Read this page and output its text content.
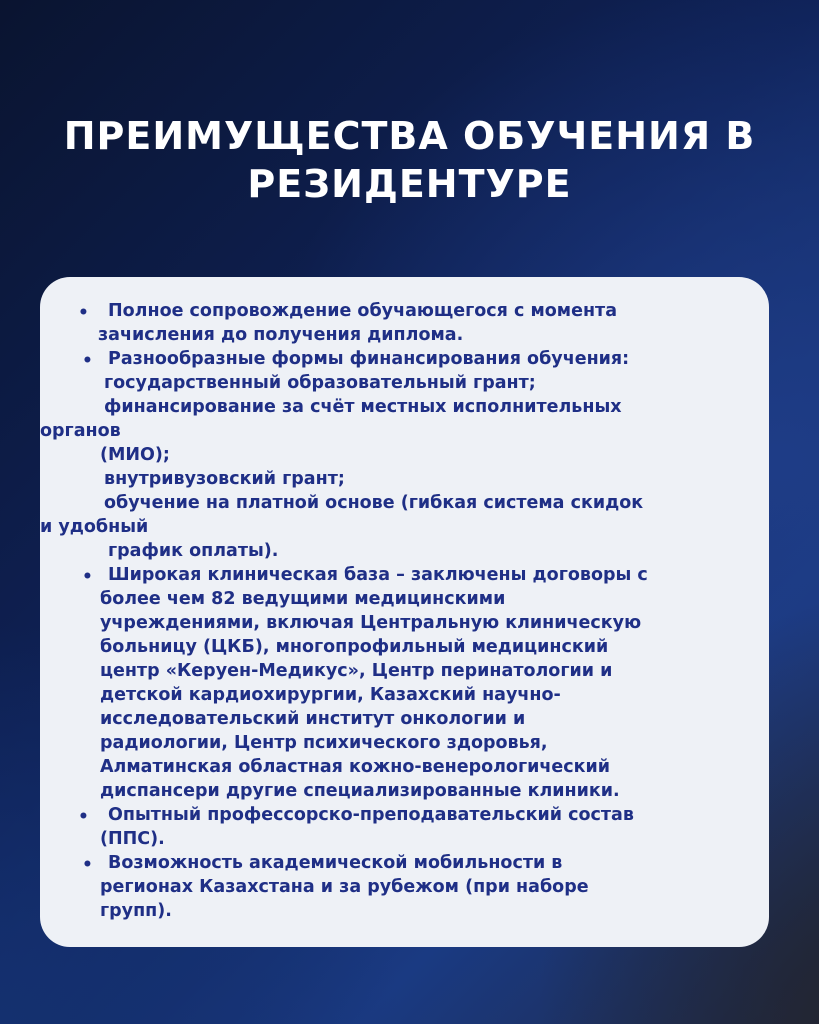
ПРЕИМУЩЕСТВА ОБУЧЕНИЯ В
РЕЗИДЕНТУРЕ
• Полное сопровождение обучающегося с момента
зачисления до получения диплома.
• Разнообразные формы финансирования обучения:
государственный образовательный грант;
финансирование за счёт местных исполнительных
органов
(МИО);
внутривузовский грант;
обучение на платной основе (гибкая система скидок
и удобный
график оплаты).
• Широкая клиническая база – заключены договоры с
более чем 82 ведущими медицинскими
учреждениями, включая Центральную клиническую
больницу (ЦКБ), многопрофильный медицинский
центр «Керуен-Медикус», Центр перинатологии и
детской кардиохирургии, Казахский научно-
исследовательский институт онкологии и
радиологии, Центр психического здоровья,
Алматинская областная кожно-венерологический
диспансери другие специализированные клиники.
• Опытный профессорско-преподавательский состав
(ППС).
• Возможность академической мобильности в
регионах Казахстана и за рубежом (при наборе
групп).
